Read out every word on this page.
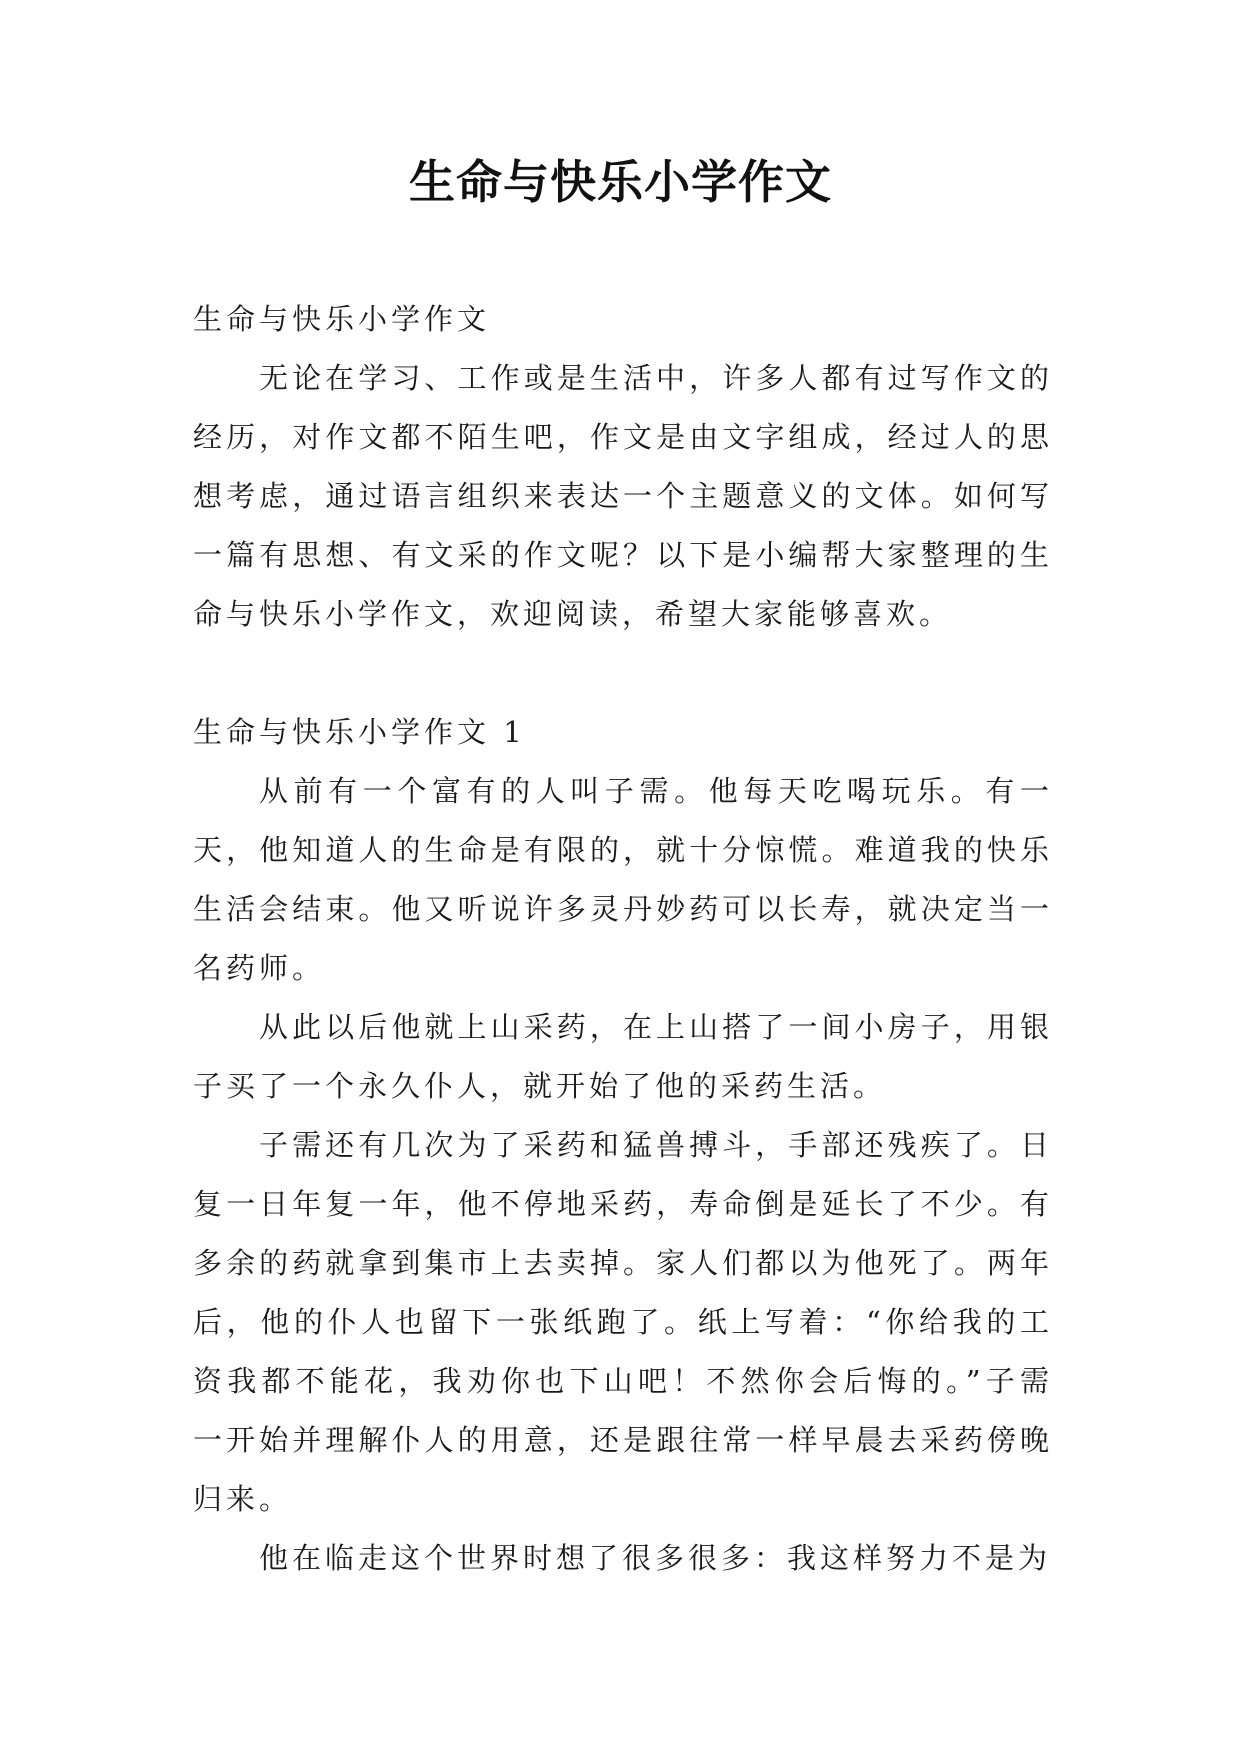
生命与快乐小学作文

生命与快乐小学作文

无论在学习、工作或是生活中，许多人都有过写作文的经历，对作文都不陌生吧，作文是由文字组成，经过人的思想考虑，通过语言组织来表达一个主题意义的文体。如何写一篇有思想、有文采的作文呢？以下是小编帮大家整理的生命与快乐小学作文，欢迎阅读，希望大家能够喜欢。

生命与快乐小学作文 1

从前有一个富有的人叫子需。他每天吃喝玩乐。有一天，他知道人的生命是有限的，就十分惊慌。难道我的快乐生活会结束。他又听说许多灵丹妙药可以长寿，就决定当一名药师。

从此以后他就上山采药，在上山搭了一间小房子，用银子买了一个永久仆人，就开始了他的采药生活。

子需还有几次为了采药和猛兽搏斗，手部还残疾了。日复一日年复一年，他不停地采药，寿命倒是延长了不少。有多余的药就拿到集市上去卖掉。家人们都以为他死了。两年后，他的仆人也留下一张纸跑了。纸上写着：“你给我的工资我都不能花，我劝你也下山吧！不然你会后悔的。”子需一开始并理解仆人的用意，还是跟往常一样早晨去采药傍晚归来。

他在临走这个世界时想了很多很多：我这样努力不是为
